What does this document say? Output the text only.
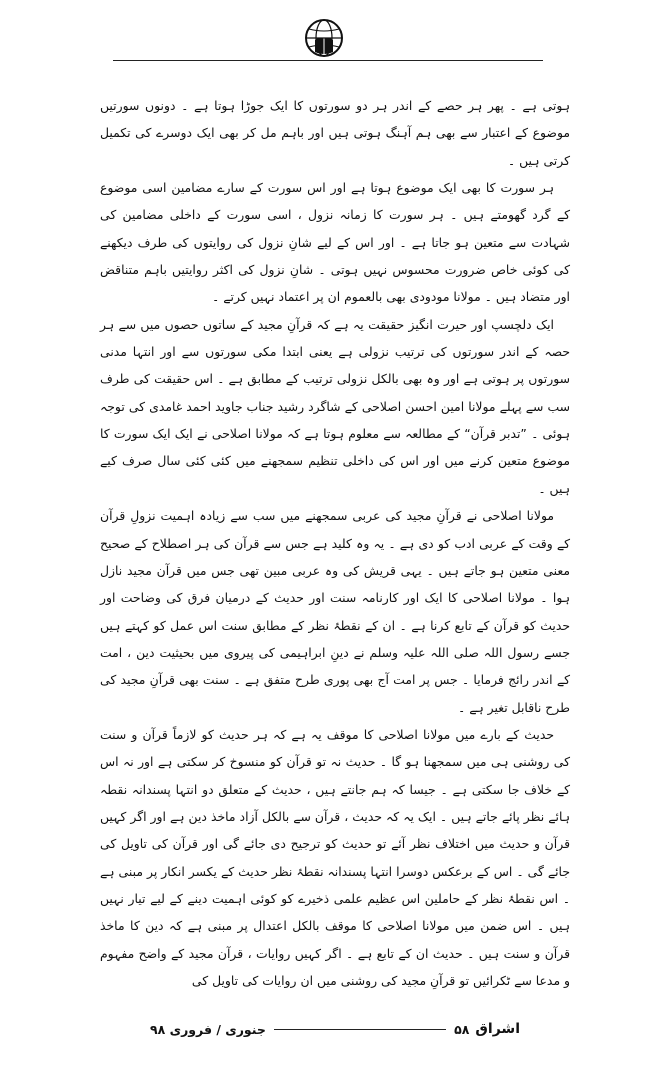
ہوتی ہے ۔ پھر ہر حصے کے اندر ہر دو سورتوں کا ایک جوڑا ہوتا ہے ۔ دونوں سورتیں موضوع کے اعتبار سے بھی ہم آہنگ ہوتی ہیں اور باہم مل کر بھی ایک دوسرے کی تکمیل کرتی ہیں ۔

ہر سورت کا بھی ایک موضوع ہوتا ہے اور اس سورت کے سارے مضامین اسی موضوع کے گرد گھومتے ہیں ۔ ہر سورت کا زمانہ نزول ، اسی سورت کے داخلی مضامین کی شہادت سے متعین ہو جاتا ہے ۔ اور اس کے لیے شانِ نزول کی روایتوں کی طرف دیکھنے کی کوئی خاص ضرورت محسوس نہیں ہوتی ۔ شانِ نزول کی اکثر روایتیں باہم متناقض اور متضاد ہیں ۔ مولانا مودودی بھی بالعموم ان پر اعتماد نہیں کرتے ۔

ایک دلچسپ اور حیرت انگیز حقیقت یہ ہے کہ قرآنِ مجید کے ساتوں حصوں میں سے ہر حصہ کے اندر سورتوں کی ترتیب نزولی ہے یعنی ابتدا مکی سورتوں سے اور انتہا مدنی سورتوں پر ہوتی ہے اور وہ بھی بالکل نزولی ترتیب کے مطابق ہے ۔ اس حقیقت کی طرف سب سے پہلے مولانا امین احسن اصلاحی کے شاگرد رشید جناب جاوید احمد غامدی کی توجہ ہوئی ۔ ”تدبر قرآن“ کے مطالعہ سے معلوم ہوتا ہے کہ مولانا اصلاحی نے ایک ایک سورت کا موضوع متعین کرنے میں اور اس کی داخلی تنظیم سمجھنے میں کئی کئی سال صرف کیے ہیں ۔

مولانا اصلاحی نے قرآنِ مجید کی عربی سمجھنے میں سب سے زیادہ اہمیت نزولِ قرآن کے وقت کے عربی ادب کو دی ہے ۔ یہ وہ کلید ہے جس سے قرآن کی ہر اصطلاح کے صحیح معنی متعین ہو جاتے ہیں ۔ یہی قریش کی وہ عربی مبین تھی جس میں قرآن مجید نازل ہوا ۔ مولانا اصلاحی کا ایک اور کارنامہ سنت اور حدیث کے درمیان فرق کی وضاحت اور حدیث کو قرآن کے تابع کرنا ہے ۔ ان کے نقطۂ نظر کے مطابق سنت اس عمل کو کہتے ہیں جسے رسول اللہ صلی اللہ علیہ وسلم نے دینِ ابراہیمی کی پیروی میں بحیثیت دین ، امت کے اندر رائج فرمایا ۔ جس پر امت آج بھی پوری طرح متفق ہے ۔ سنت بھی قرآنِ مجید کی طرح ناقابل تغیر ہے ۔

حدیث کے بارے میں مولانا اصلاحی کا موقف یہ ہے کہ ہر حدیث کو لازماً قرآن و سنت کی روشنی ہی میں سمجھنا ہو گا ۔ حدیث نہ تو قرآن کو منسوخ کر سکتی ہے اور نہ اس کے خلاف جا سکتی ہے ۔ جیسا کہ ہم جانتے ہیں ، حدیث کے متعلق دو انتہا پسندانہ نقطہ ہائے نظر پائے جاتے ہیں ۔ ایک یہ کہ حدیث ، قرآن سے بالکل آزاد ماخذ دین ہے اور اگر کہیں قرآن و حدیث میں اختلاف نظر آئے تو حدیث کو ترجیح دی جائے گی اور قرآن کی تاویل کی جائے گی ۔ اس کے برعکس دوسرا انتہا پسندانہ نقطۂ نظر حدیث کے یکسر انکار پر مبنی ہے ۔ اس نقطۂ نظر کے حاملین اس عظیم علمی ذخیرے کو کوئی اہمیت دینے کے لیے تیار نہیں ہیں ۔ اس ضمن میں مولانا اصلاحی کا موقف بالکل اعتدال پر مبنی ہے کہ دین کا ماخذ قرآن و سنت ہیں ۔ حدیث ان کے تابع ہے ۔ اگر کہیں روایات ، قرآن مجید کے واضح مفہوم و مدعا سے ٹکرائیں تو قرآنِ مجید کی روشنی میں ان روایات کی تاویل کی

اشراق
۵۸
جنوری / فروری ۹۸
